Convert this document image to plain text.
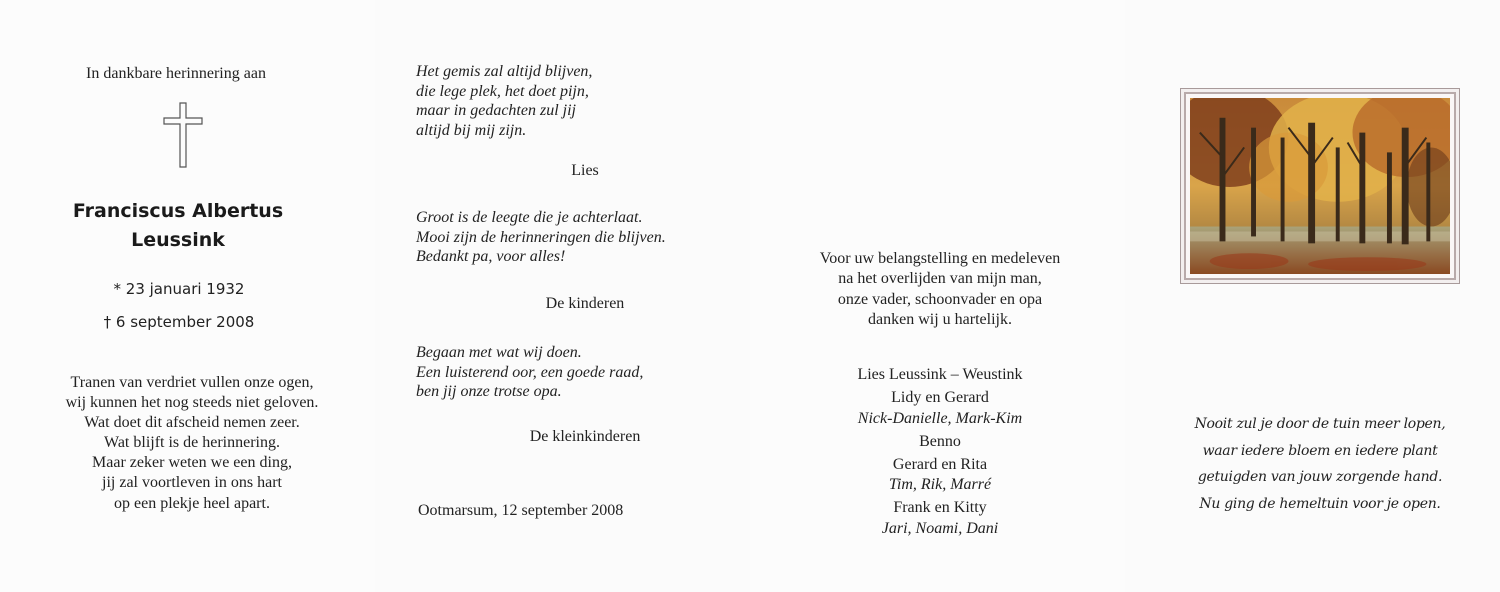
In dankbare herinnering aan
Franciscus Albertus
Leussink
* 23 januari 1932
† 6 september 2008
Tranen van verdriet vullen onze ogen,
wij kunnen het nog steeds niet geloven.
Wat doet dit afscheid nemen zeer.
Wat blijft is de herinnering.
Maar zeker weten we een ding,
jij zal voortleven in ons hart
op een plekje heel apart.
Het gemis zal altijd blijven,
die lege plek, het doet pijn,
maar in gedachten zul jij
altijd bij mij zijn.
Lies
Groot is de leegte die je achterlaat.
Mooi zijn de herinneringen die blijven.
Bedankt pa, voor alles!
De kinderen
Begaan met wat wij doen.
Een luisterend oor, een goede raad,
ben jij onze trotse opa.
De kleinkinderen
Ootmarsum, 12 september 2008
Voor uw belangstelling en medeleven
na het overlijden van mijn man,
onze vader, schoonvader en opa
danken wij u hartelijk.
Lies Leussink – Weustink
Lidy en Gerard
Nick-Danielle, Mark-Kim
Benno
Gerard en Rita
Tim, Rik, Marré
Frank en Kitty
Jari, Noami, Dani
Nooit zul je door de tuin meer lopen,
waar iedere bloem en iedere plant
getuigden van jouw zorgende hand.
Nu ging de hemeltuin voor je open.
